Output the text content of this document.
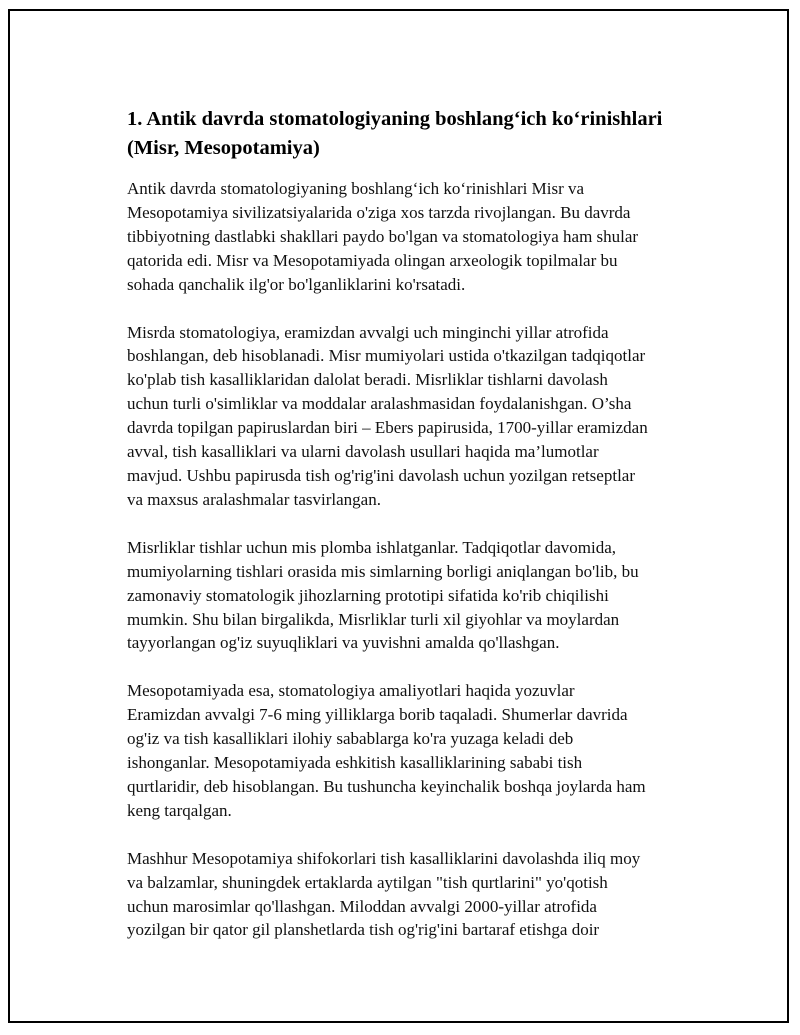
1. Antik davrda stomatologiyaning boshlang‘ich ko‘rinishlari
(Misr, Mesopotamiya)

Antik davrda stomatologiyaning boshlang‘ich ko‘rinishlari Misr va
Mesopotamiya sivilizatsiyalarida o'ziga xos tarzda rivojlangan. Bu davrda
tibbiyotning dastlabki shakllari paydo bo'lgan va stomatologiya ham shular
qatorida edi. Misr va Mesopotamiyada olingan arxeologik topilmalar bu
sohada qanchalik ilg'or bo'lganliklarini ko'rsatadi.

Misrda stomatologiya, eramizdan avvalgi uch minginchi yillar atrofida
boshlangan, deb hisoblanadi. Misr mumiyolari ustida o'tkazilgan tadqiqotlar
ko'plab tish kasalliklaridan dalolat beradi. Misrliklar tishlarni davolash
uchun turli o'simliklar va moddalar aralashmasidan foydalanishgan. O’sha
davrda topilgan papiruslardan biri – Ebers papirusida, 1700-yillar eramizdan
avval, tish kasalliklari va ularni davolash usullari haqida ma’lumotlar
mavjud. Ushbu papirusda tish og'rig'ini davolash uchun yozilgan retseptlar
va maxsus aralashmalar tasvirlangan.

Misrliklar tishlar uchun mis plomba ishlatganlar. Tadqiqotlar davomida,
mumiyolarning tishlari orasida mis simlarning borligi aniqlangan bo'lib, bu
zamonaviy stomatologik jihozlarning prototipi sifatida ko'rib chiqilishi
mumkin. Shu bilan birgalikda, Misrliklar turli xil giyohlar va moylardan
tayyorlangan og'iz suyuqliklari va yuvishni amalda qo'llashgan.

Mesopotamiyada esa, stomatologiya amaliyotlari haqida yozuvlar
Eramizdan avvalgi 7-6 ming yilliklarga borib taqaladi. Shumerlar davrida
og'iz va tish kasalliklari ilohiy sabablarga ko'ra yuzaga keladi deb
ishonganlar. Mesopotamiyada eshkitish kasalliklarining sababi tish
qurtlaridir, deb hisoblangan. Bu tushuncha keyinchalik boshqa joylarda ham
keng tarqalgan.

Mashhur Mesopotamiya shifokorlari tish kasalliklarini davolashda iliq moy
va balzamlar, shuningdek ertaklarda aytilgan "tish qurtlarini" yo'qotish
uchun marosimlar qo'llashgan. Miloddan avvalgi 2000-yillar atrofida
yozilgan bir qator gil planshetlarda tish og'rig'ini bartaraf etishga doir
